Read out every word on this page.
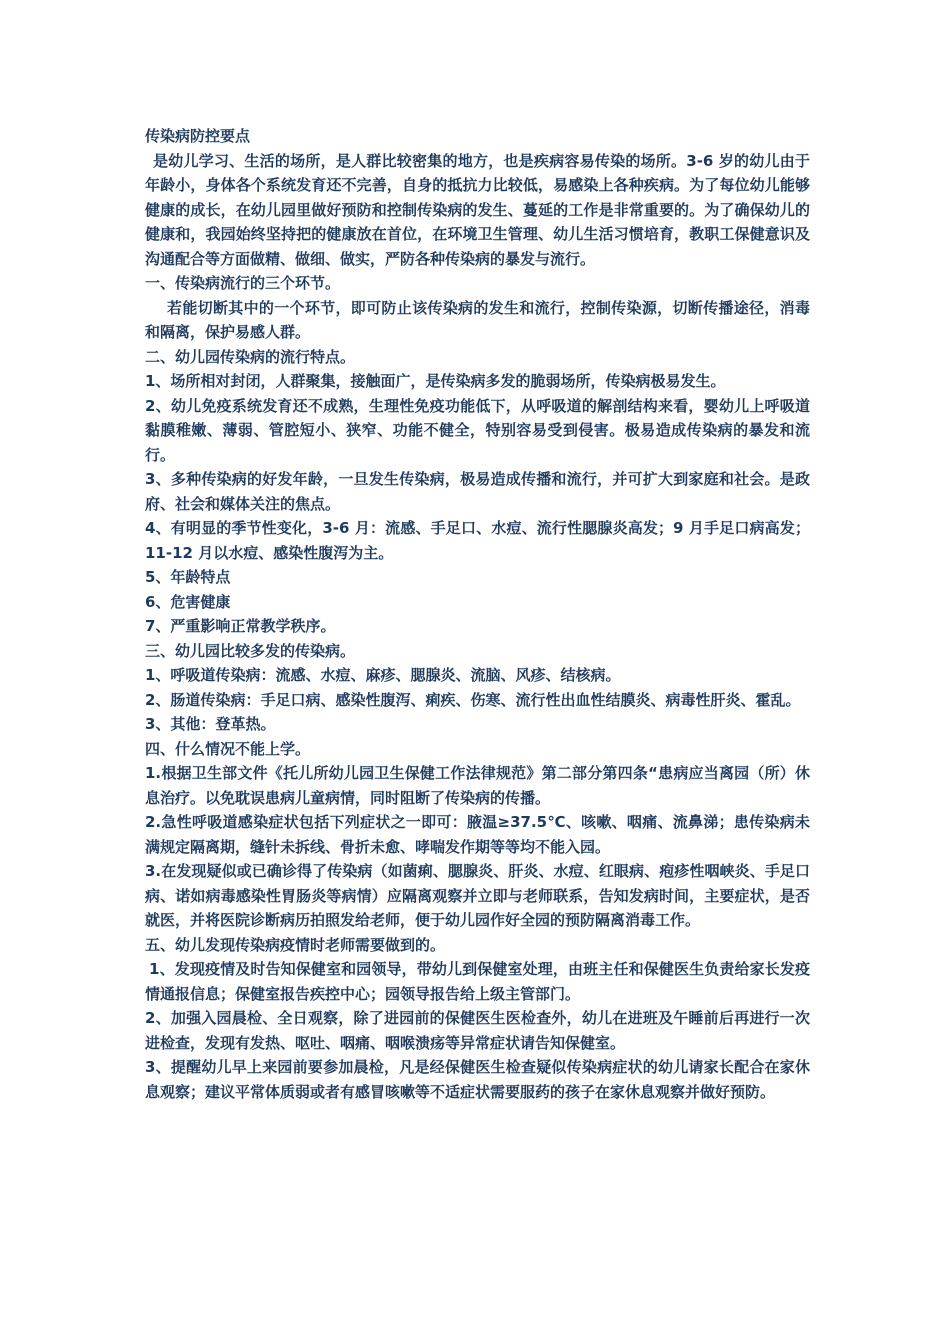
传染病防控要点

是幼儿学习、生活的场所，是人群比较密集的地方，也是疾病容易传染的场所。3-6 岁的幼儿由于年龄小，身体各个系统发育还不完善，自身的抵抗力比较低，易感染上各种疾病。为了每位幼儿能够健康的成长，在幼儿园里做好预防和控制传染病的发生、蔓延的工作是非常重要的。为了确保幼儿的健康和，我园始终坚持把的健康放在首位，在环境卫生管理、幼儿生活习惯培育，教职工保健意识及沟通配合等方面做精、做细、做实，严防各种传染病的暴发与流行。

一、传染病流行的三个环节。

若能切断其中的一个环节，即可防止该传染病的发生和流行，控制传染源，切断传播途径，消毒和隔离，保护易感人群。

二、幼儿园传染病的流行特点。

1、场所相对封闭，人群聚集，接触面广，是传染病多发的脆弱场所，传染病极易发生。

2、幼儿免疫系统发育还不成熟，生理性免疫功能低下，从呼吸道的解剖结构来看，婴幼儿上呼吸道黏膜稚嫩、薄弱、管腔短小、狭窄、功能不健全，特别容易受到侵害。极易造成传染病的暴发和流行。

3、多种传染病的好发年龄，一旦发生传染病，极易造成传播和流行，并可扩大到家庭和社会。是政府、社会和媒体关注的焦点。

4、有明显的季节性变化，3-6 月：流感、手足口、水痘、流行性腮腺炎高发；9 月手足口病高发；11-12 月以水痘、感染性腹泻为主。

5、年龄特点

6、危害健康

7、严重影响正常教学秩序。

三、幼儿园比较多发的传染病。

1、呼吸道传染病：流感、水痘、麻疹、腮腺炎、流脑、风疹、结核病。

2、肠道传染病：手足口病、感染性腹泻、痢疾、伤寒、流行性出血性结膜炎、病毒性肝炎、霍乱。

3、其他：登革热。

四、什么情况不能上学。

1.根据卫生部文件《托儿所幼儿园卫生保健工作法律规范》第二部分第四条“患病应当离园（所）休息治疗。以免耽误患病儿童病情，同时阻断了传染病的传播。

2.急性呼吸道感染症状包括下列症状之一即可：腋温≥37.5℃、咳嗽、咽痛、流鼻涕；患传染病未满规定隔离期，缝针未拆线、骨折未愈、哮喘发作期等等均不能入园。

3.在发现疑似或已确诊得了传染病（如菌痢、腮腺炎、肝炎、水痘、红眼病、疱疹性咽峡炎、手足口病、诺如病毒感染性胃肠炎等病情）应隔离观察并立即与老师联系，告知发病时间，主要症状，是否就医，并将医院诊断病历拍照发给老师，便于幼儿园作好全园的预防隔离消毒工作。

五、幼儿发现传染病疫情时老师需要做到的。

1、发现疫情及时告知保健室和园领导，带幼儿到保健室处理，由班主任和保健医生负责给家长发疫情通报信息；保健室报告疾控中心；园领导报告给上级主管部门。

2、加强入园晨检、全日观察，除了进园前的保健医生医检查外，幼儿在进班及午睡前后再进行一次进检查，发现有发热、呕吐、咽痛、咽喉溃疡等异常症状请告知保健室。

3、提醒幼儿早上来园前要参加晨检，凡是经保健医生检查疑似传染病症状的幼儿请家长配合在家休息观察；建议平常体质弱或者有感冒咳嗽等不适症状需要服药的孩子在家休息观察并做好预防。
